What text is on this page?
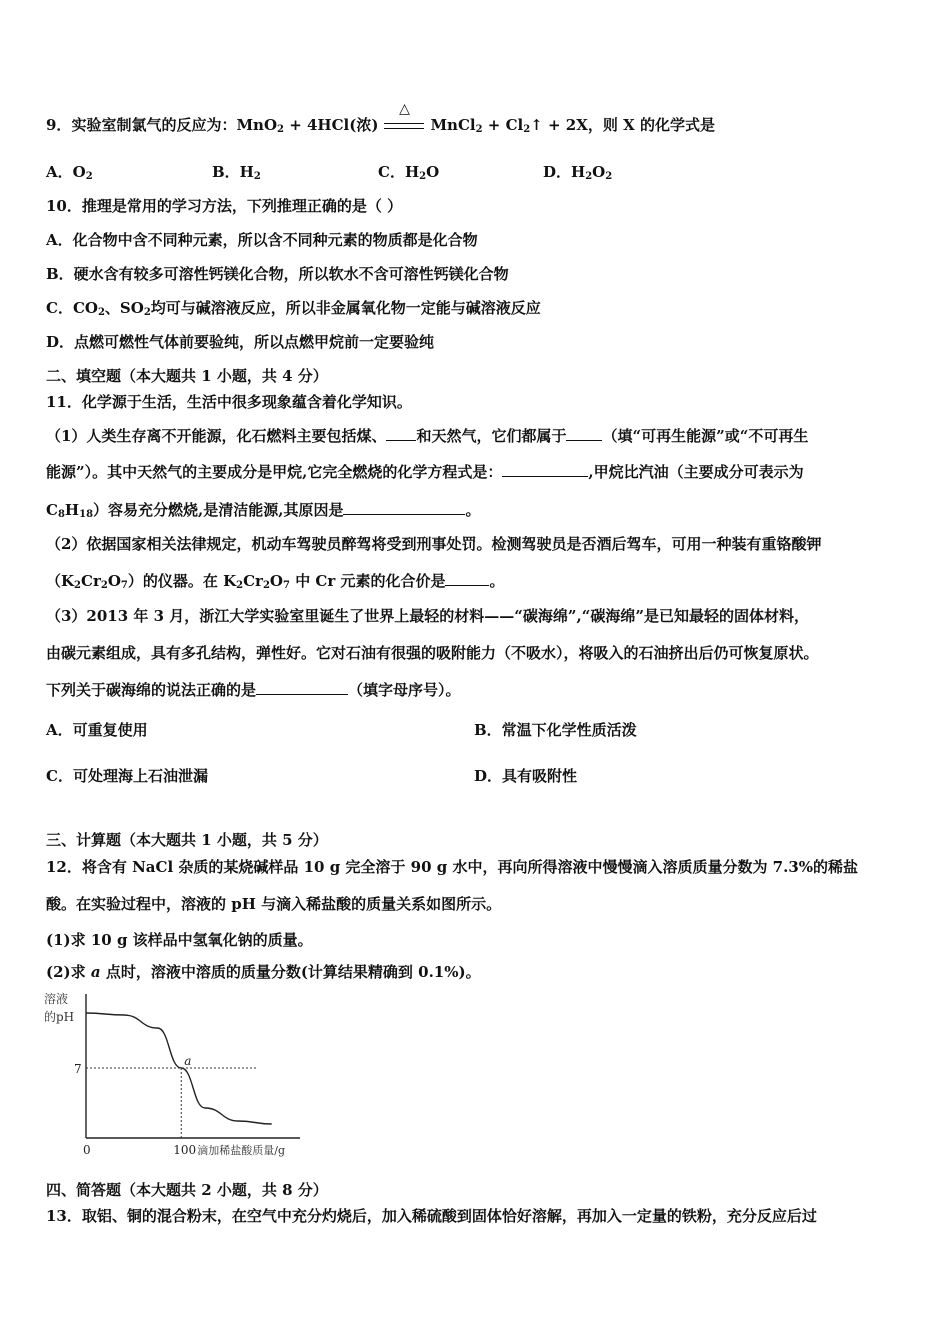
9．实验室制氯气的反应为：MnO$_2$ + 4HCl(浓)
△
MnCl$_2$ + $Cl_2↑ + 2X$，则 X 的化学式是
A．$O_2$	B．$H_2$	C．$H_2O$	D．$H_2O_2$
10．推理是常用的学习方法，下列推理正确的是（ ）
A．化合物中含不同种元素，所以含不同种元素的物质都是化合物
B．硬水含有较多可溶性钙镁化合物，所以软水不含可溶性钙镁化合物
C．$CO_2$、$SO_2$均可与碱溶液反应，所以非金属氧化物一定能与碱溶液反应
D．点燃可燃性气体前要验纯，所以点燃甲烷前一定要验纯
二、填空题（本大题共 1 小题，共 4 分）
11．化学源于生活，生活中很多现象蕴含着化学知识。
（1）人类生存离不开能源，化石燃料主要包括煤、 和天然气，它们都属于 （填“可再生能源”或“不可再生
能源”）。其中天然气的主要成分是甲烷,它完全燃烧的化学方程式是：	,甲烷比汽油（主要成分可表示为
$C_8H_{18}$）容易充分燃烧,是清洁能源,其原因是	。
（2）依据国家相关法律规定，机动车驾驶员醉驾将受到刑事处罚。检测驾驶员是否酒后驾车，可用一种装有重铬酸钾
$(K_2Cr_2O_7)$的仪器。在 $K_2Cr_2O_7$ 中 Cr 元素的化合价是	。
（3）2013 年 3 月，浙江大学实验室里诞生了世界上最轻的材料——“碳海绵”,“碳海绵”是已知最轻的固体材料，
由碳元素组成，具有多孔结构，弹性好。它对石油有很强的吸附能力（不吸水），将吸入的石油挤出后仍可恢复原状。
下列关于碳海绵的说法正确的是	（填字母序号）。
A．可重复使用	B．常温下化学性质活泼
C．可处理海上石油泄漏	D．具有吸附性
三、计算题（本大题共 1 小题，共 5 分）
12．将含有 NaCl 杂质的某烧碱样品 10 g 完全溶于 90 g 水中，再向所得溶液中慢慢滴入溶质质量分数为 7.3%的稀盐
酸。在实验过程中，溶液的 pH 与滴入稀盐酸的质量关系如图所示。
(1)求 10 g 该样品中氢氧化钠的质量。
(2)求 a 点时，溶液中溶质的质量分数(计算结果精确到 0.1%)。
溶液
的pH
7
a
0	100 滴加稀盐酸质量/g
四、简答题（本大题共 2 小题，共 8 分）
13．取铝、铜的混合粉末，在空气中充分灼烧后，加入稀硫酸到固体恰好溶解，再加入一定量的铁粉，充分反应后过
